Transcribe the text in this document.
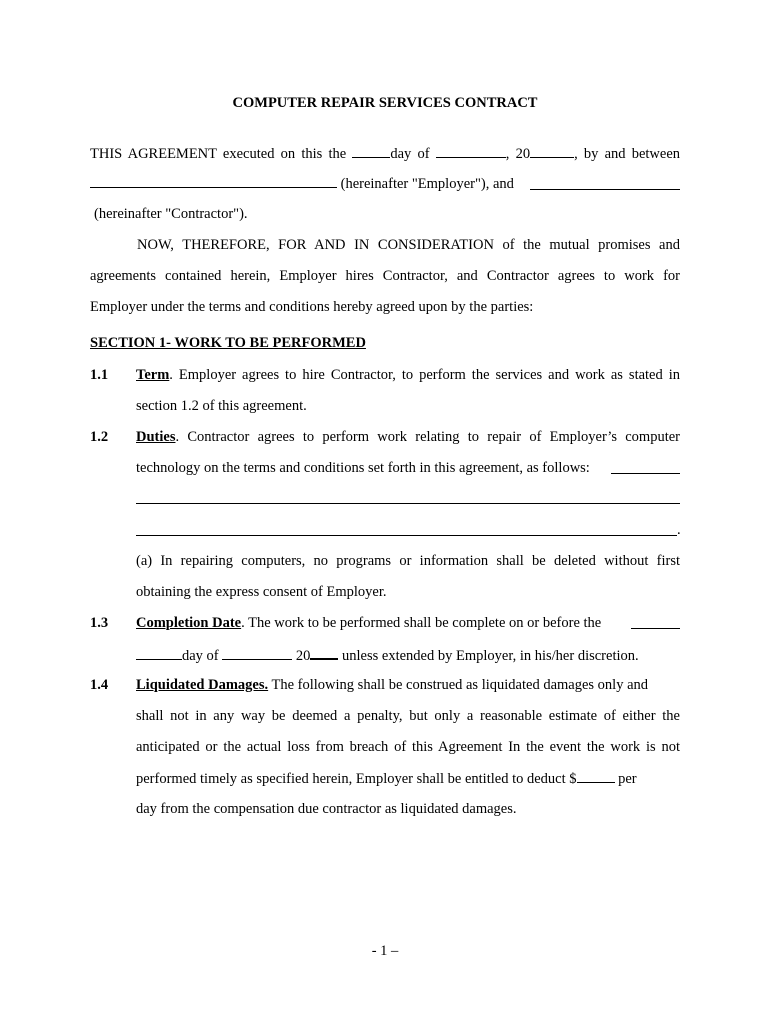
COMPUTER REPAIR SERVICES CONTRACT
THIS AGREEMENT executed on this the	day of	, 20	, by and between
(hereinafter "Employer"), and
(hereinafter "Contractor").
NOW, THEREFORE, FOR AND IN CONSIDERATION of the mutual promises and
agreements contained herein, Employer hires Contractor, and Contractor agrees to work for
Employer under the terms and conditions hereby agreed upon by the parties:
SECTION 1- WORK TO BE PERFORMED
1.1 Term. Employer agrees to hire Contractor, to perform the services and work as stated in
section 1.2 of this agreement.
1.2 Duties. Contractor agrees to perform work relating to repair of Employer’s computer
technology on the terms and conditions set forth in this agreement, as follows:
.
(a) In repairing computers, no programs or information shall be deleted without first
obtaining the express consent of Employer.
1.3 Completion Date. The work to be performed shall be complete on or before the
day of	20 unless extended by Employer, in his/her discretion.
1.4 Liquidated Damages. The following shall be construed as liquidated damages only and
shall not in any way be deemed a penalty, but only a reasonable estimate of either the
anticipated or the actual loss from breach of this Agreement In the event the work is not
performed timely as specified herein, Employer shall be entitled to deduct $	per
day from the compensation due contractor as liquidated damages.
- 1 –
